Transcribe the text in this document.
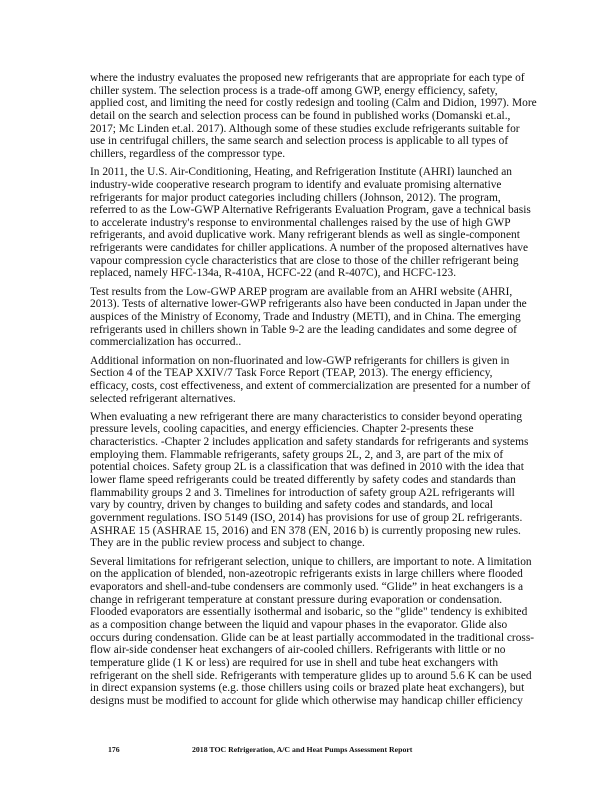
where the industry evaluates the proposed new refrigerants that are appropriate for each type of
chiller system. The selection process is a trade-off among GWP, energy efficiency, safety,
applied cost, and limiting the need for costly redesign and tooling (Calm and Didion, 1997). More
detail on the search and selection process can be found in published works (Domanski et.al.,
2017; Mc Linden et.al. 2017). Although some of these studies exclude refrigerants suitable for
use in centrifugal chillers, the same search and selection process is applicable to all types of
chillers, regardless of the compressor type.

In 2011, the U.S. Air-Conditioning, Heating, and Refrigeration Institute (AHRI) launched an
industry-wide cooperative research program to identify and evaluate promising alternative
refrigerants for major product categories including chillers (Johnson, 2012). The program,
referred to as the Low-GWP Alternative Refrigerants Evaluation Program, gave a technical basis
to accelerate industry's response to environmental challenges raised by the use of high GWP
refrigerants, and avoid duplicative work. Many refrigerant blends as well as single-component
refrigerants were candidates for chiller applications. A number of the proposed alternatives have
vapour compression cycle characteristics that are close to those of the chiller refrigerant being
replaced, namely HFC-134a, R-410A, HCFC-22 (and R-407C), and HCFC-123.

Test results from the Low-GWP AREP program are available from an AHRI website (AHRI,
2013). Tests of alternative lower-GWP refrigerants also have been conducted in Japan under the
auspices of the Ministry of Economy, Trade and Industry (METI), and in China. The emerging
refrigerants used in chillers shown in Table 9-2 are the leading candidates and some degree of
commercialization has occurred..

Additional information on non-fluorinated and low-GWP refrigerants for chillers is given in
Section 4 of the TEAP XXIV/7 Task Force Report (TEAP, 2013). The energy efficiency,
efficacy, costs, cost effectiveness, and extent of commercialization are presented for a number of
selected refrigerant alternatives.

When evaluating a new refrigerant there are many characteristics to consider beyond operating
pressure levels, cooling capacities, and energy efficiencies. Chapter 2-presents these
characteristics. -Chapter 2 includes application and safety standards for refrigerants and systems
employing them. Flammable refrigerants, safety groups 2L, 2, and 3, are part of the mix of
potential choices. Safety group 2L is a classification that was defined in 2010 with the idea that
lower flame speed refrigerants could be treated differently by safety codes and standards than
flammability groups 2 and 3. Timelines for introduction of safety group A2L refrigerants will
vary by country, driven by changes to building and safety codes and standards, and local
government regulations. ISO 5149 (ISO, 2014) has provisions for use of group 2L refrigerants.
ASHRAE 15 (ASHRAE 15, 2016) and EN 378 (EN, 2016 b) is currently proposing new rules.
They are in the public review process and subject to change.

Several limitations for refrigerant selection, unique to chillers, are important to note. A limitation
on the application of blended, non-azeotropic refrigerants exists in large chillers where flooded
evaporators and shell-and-tube condensers are commonly used. “Glide” in heat exchangers is a
change in refrigerant temperature at constant pressure during evaporation or condensation.
Flooded evaporators are essentially isothermal and isobaric, so the "glide" tendency is exhibited
as a composition change between the liquid and vapour phases in the evaporator. Glide also
occurs during condensation. Glide can be at least partially accommodated in the traditional cross-
flow air-side condenser heat exchangers of air-cooled chillers. Refrigerants with little or no
temperature glide (1 K or less) are required for use in shell and tube heat exchangers with
refrigerant on the shell side. Refrigerants with temperature glides up to around 5.6 K can be used
in direct expansion systems (e.g. those chillers using coils or brazed plate heat exchangers), but
designs must be modified to account for glide which otherwise may handicap chiller efficiency

176	2018 TOC Refrigeration, A/C and Heat Pumps Assessment Report
